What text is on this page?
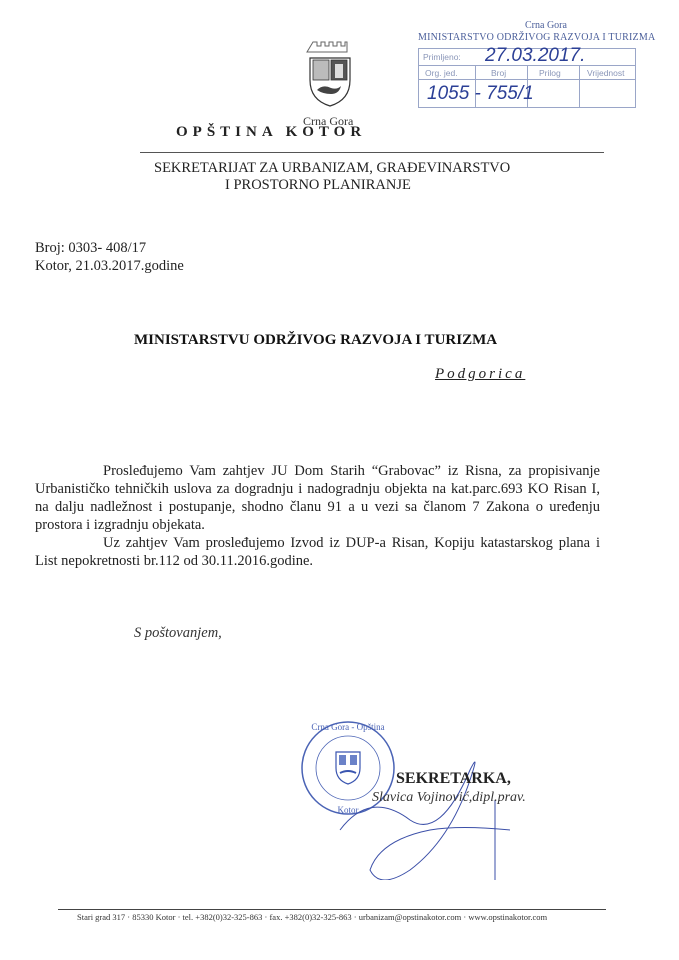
Crna Gora
OPŠTINA KOTOR
SEKRETARIJAT ZA URBANIZAM, GRAĐEVINARSTVO
I PROSTORNO PLANIRANJE
Crna Gora
MINISTARSTVO ODRŽIVOG RAZVOJA I TURIZMA
Primljeno: 27.03.2017.
Org. jed.	Broj	Prilog	Vrijednost
1055 - 755/1
Broj: 0303- 408/17
Kotor, 21.03.2017.godine
MINISTARSTVU ODRŽIVOG RAZVOJA I TURIZMA
Podgorica

Prosleđujemo Vam zahtjev JU Dom Starih “Grabovac” iz Risna, za propisivanje Urbanističko tehničkih uslova za dogradnju i nadogradnju objekta na kat.parc.693 KO Risan I, na dalju nadležnost i postupanje, shodno članu 91 a u vezi sa članom 7 Zakona o uređenju prostora i izgradnju objekata.

Uz zahtjev Vam prosleđujemo Izvod iz DUP-a Risan, Kopiju katastarskog plana i List nepokretnosti br.112 od 30.11.2016.godine.

S poštovanjem,
Crna Gora - Opština
Kotor
SEKRETARKA,
Slavica Vojinović,dipl.prav.
Stari grad 317 · 85330 Kotor · tel. +382(0)32-325-863 · fax. +382(0)32-325-863 · urbanizam@opstinakotor.com · www.opstinakotor.com
